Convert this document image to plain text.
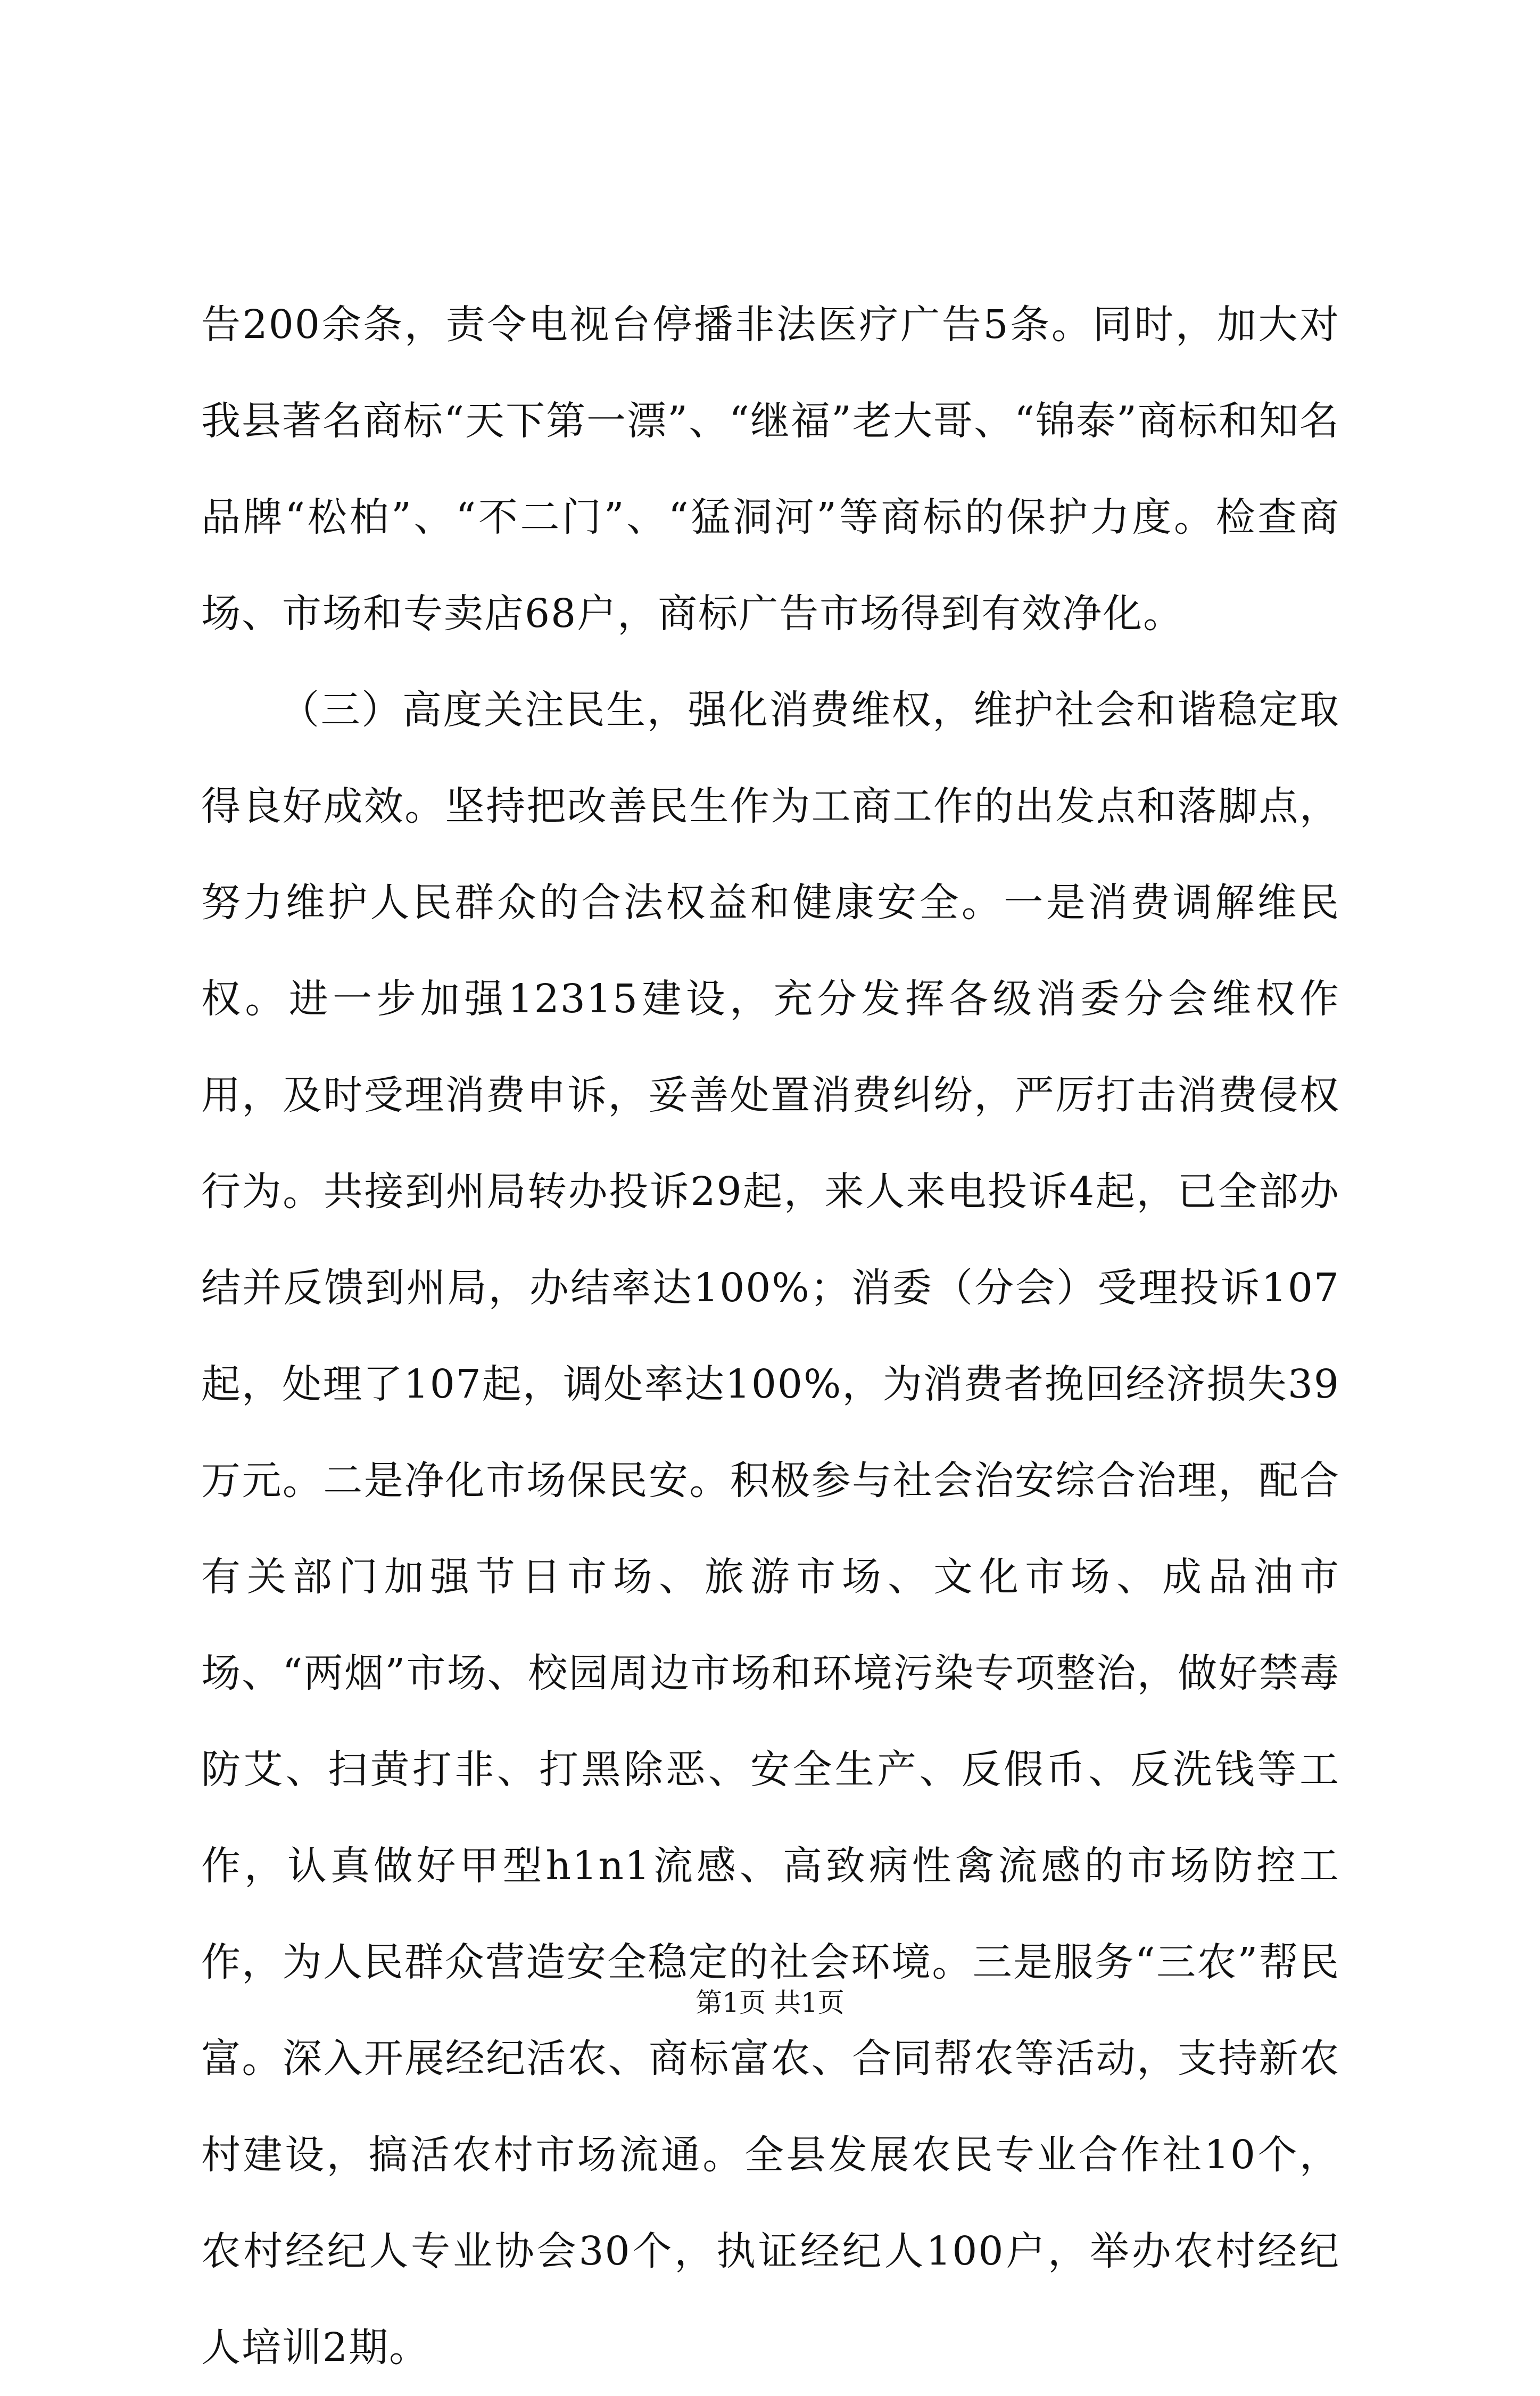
告200余条，责令电视台停播非法医疗广告5条。同时，加大对我县著名商标“天下第一漂”、“继福”老大哥、“锦泰”商标和知名品牌“松柏”、“不二门”、“猛洞河”等商标的保护力度。检查商场、市场和专卖店68户，商标广告市场得到有效净化。

（三）高度关注民生，强化消费维权，维护社会和谐稳定取得良好成效。坚持把改善民生作为工商工作的出发点和落脚点，努力维护人民群众的合法权益和健康安全。一是消费调解维民权。进一步加强12315建设，充分发挥各级消委分会维权作用，及时受理消费申诉，妥善处置消费纠纷，严厉打击消费侵权行为。共接到州局转办投诉29起，来人来电投诉4起，已全部办结并反馈到州局，办结率达100%；消委（分会）受理投诉107起，处理了107起，调处率达100%，为消费者挽回经济损失39万元。二是净化市场保民安。积极参与社会治安综合治理，配合有关部门加强节日市场、旅游市场、文化市场、成品油市场、“两烟”市场、校园周边市场和环境污染专项整治，做好禁毒防艾、扫黄打非、打黑除恶、安全生产、反假币、反洗钱等工作，认真做好甲型h1n1流感、高致病性禽流感的市场防控工作，为人民群众营造安全稳定的社会环境。三是服务“三农”帮民富。深入开展经纪活农、商标富农、合同帮农等活动，支持新农村建设，搞活农村市场流通。全县发展农民专业合作社10个，农村经纪人专业协会30个，执证经纪人100户，举办农村经纪人培训2期。

第1页 共1页
